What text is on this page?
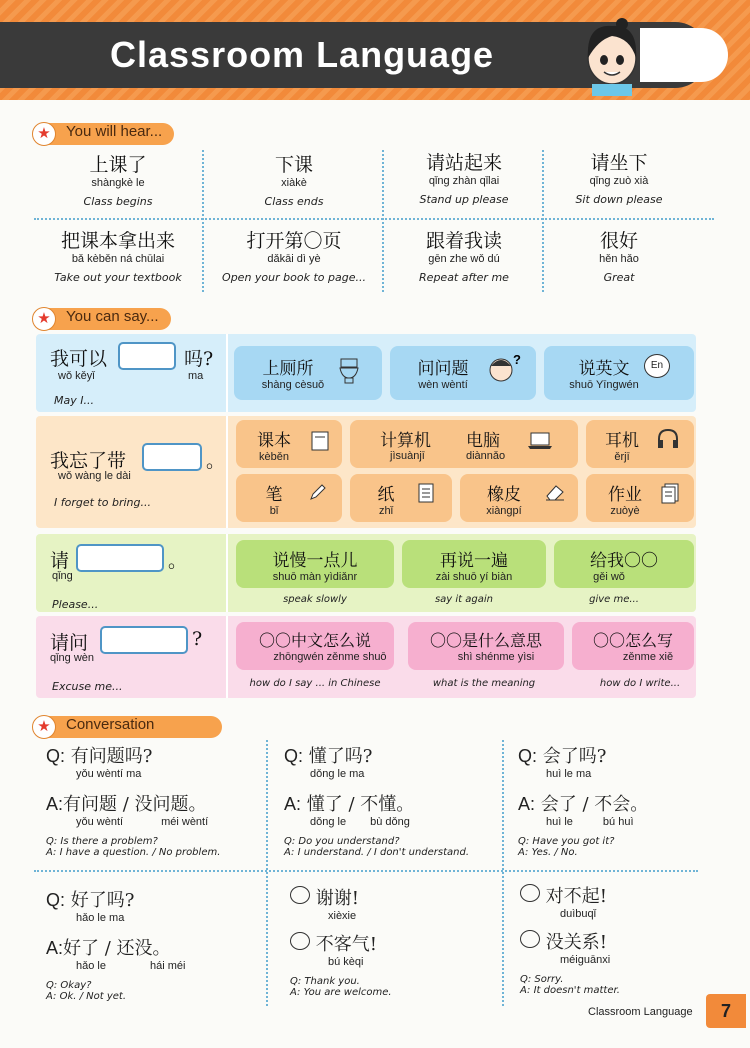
Classroom Language
★	You will hear...
上课了
shàngkè le
Class begins
下课
xiàkè
Class ends
请站起来
qǐng zhàn qǐlai
Stand up please
请坐下
qǐng zuò xià
Sit down please
把课本拿出来
bǎ kèběn ná chūlai
Take out your textbook
打开第〇页
dǎkāi dì yè
Open your book to page...
跟着我读
gēn zhe wǒ dú
Repeat after me
很好
hěn hǎo
Great
★	You can say...
我可以	吗?
wǒ kěyǐ	ma
May I...
上厕所
shàng cèsuǒ
问问题
wèn wèntí
?	说英文
shuō Yīngwén
En
我忘了带	。
wǒ wàng le dài
I forget to bring...
课本
kèběn
计算机
jìsuànjī
电脑
diànnǎo
耳机
ěrjī
笔
bǐ
纸
zhǐ
橡皮
xiàngpí
作业
zuòyè
请	。
qǐng
Please...
说慢一点儿
shuō màn yìdiǎnr
speak slowly
再说一遍
zài shuō yí biàn
say it again
给我〇〇
gěi wǒ
give me...
请问	?
qǐng wèn
Excuse me...
〇〇中文怎么说
zhōngwén zěnme shuō
how do I say ... in Chinese
〇〇是什么意思
shì shénme yìsi
what is the meaning
〇〇怎么写
zěnme xiě
how do I write...
★	Conversation
Q: 有问题吗?
yǒu wèntí ma
A:有问题 / 没问题。
yǒu wèntí	méi wèntí
Q: Is there a problem?
A: I have a question. / No problem.
Q: 懂了吗?
dǒng le ma
A: 懂了 / 不懂。
dǒng le bù dǒng
Q: Do you understand?
A: I understand. / I don't understand.
Q: 会了吗?
huì le ma
A: 会了 / 不会。
huì le	bú huì
Q: Have you got it?
A: Yes. / No.
Q: 好了吗?
hǎo le ma
A:好了 / 还没。
hǎo le	hái méi
Q: Okay?
A: Ok. / Not yet.
谢谢!
xièxie
不客气!
bú kèqi
Q: Thank you.
A: You are welcome.
对不起!
duìbuqǐ
没关系!
méiguānxi
Q: Sorry.
A: It doesn't matter.
Classroom Language	7
